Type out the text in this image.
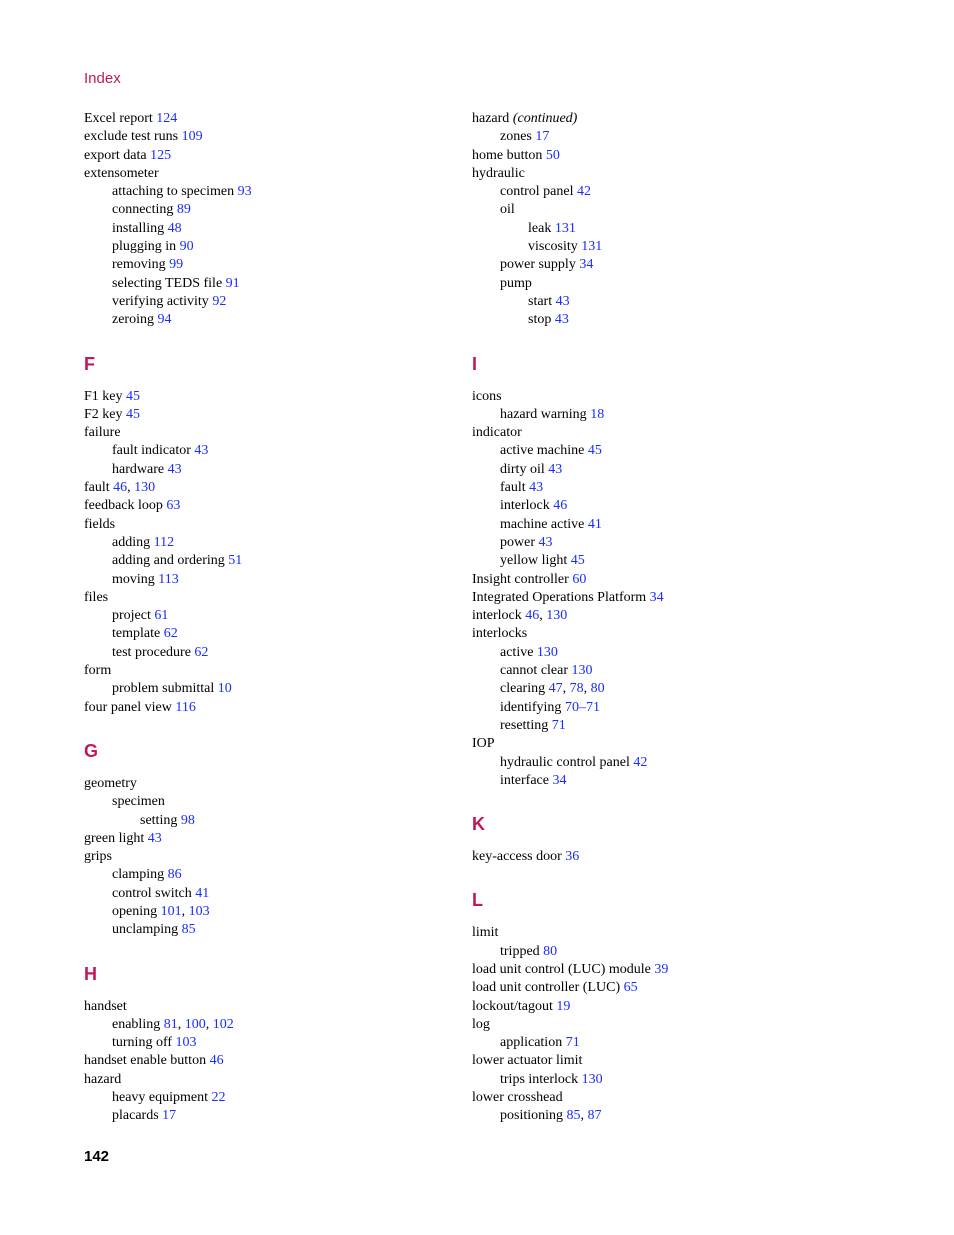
Index
Excel report 124
exclude test runs 109
export data 125
extensometer
attaching to specimen 93
connecting 89
installing 48
plugging in 90
removing 99
selecting TEDS file 91
verifying activity 92
zeroing 94
F
F1 key 45
F2 key 45
failure
fault indicator 43
hardware 43
fault 46, 130
feedback loop 63
fields
adding 112
adding and ordering 51
moving 113
files
project 61
template 62
test procedure 62
form
problem submittal 10
four panel view 116
G
geometry
specimen
setting 98
green light 43
grips
clamping 86
control switch 41
opening 101, 103
unclamping 85
H
handset
enabling 81, 100, 102
turning off 103
handset enable button 46
hazard
heavy equipment 22
placards 17
hazard (continued)
zones 17
home button 50
hydraulic
control panel 42
oil
leak 131
viscosity 131
power supply 34
pump
start 43
stop 43
I
icons
hazard warning 18
indicator
active machine 45
dirty oil 43
fault 43
interlock 46
machine active 41
power 43
yellow light 45
Insight controller 60
Integrated Operations Platform 34
interlock 46, 130
interlocks
active 130
cannot clear 130
clearing 47, 78, 80
identifying 70–71
resetting 71
IOP
hydraulic control panel 42
interface 34
K
key-access door 36
L
limit
tripped 80
load unit control (LUC) module 39
load unit controller (LUC) 65
lockout/tagout 19
log
application 71
lower actuator limit
trips interlock 130
lower crosshead
positioning 85, 87
142
